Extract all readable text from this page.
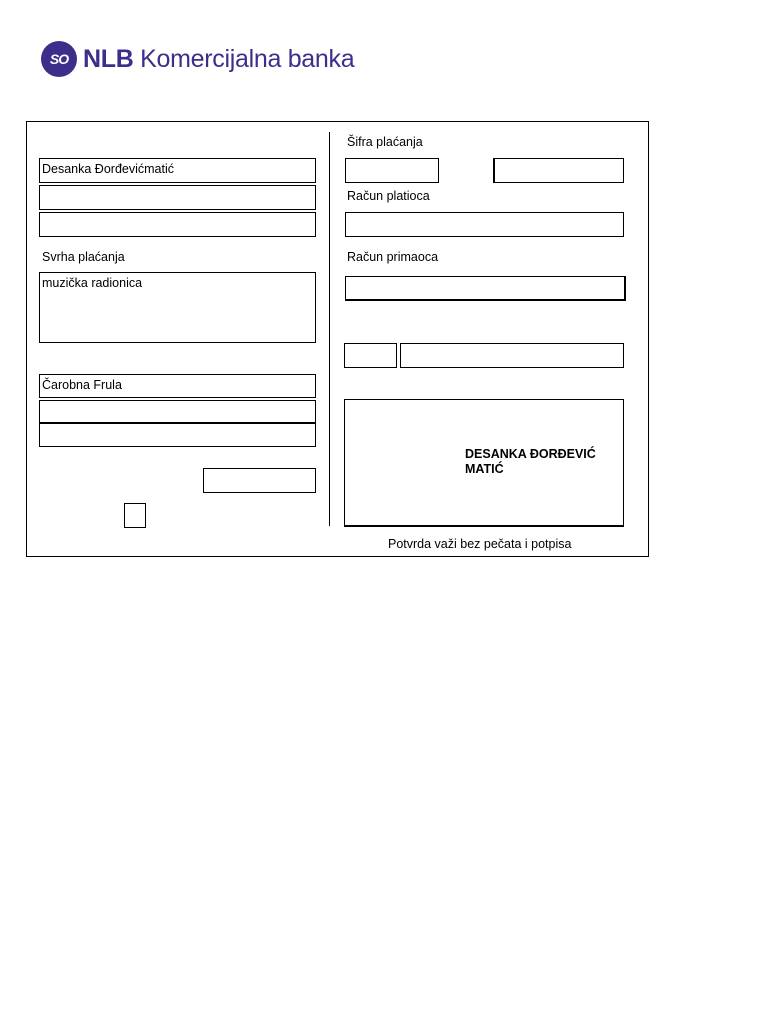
SO NLB Komercijalna banka
Desanka Đorđevićmatić
Svrha plaćanja
muzička radionica
Čarobna Frula
Šifra plaćanja
Račun platioca
Račun primaoca
DESANKA ĐORĐEVIĆ
MATIĆ
Potvrda važi bez pečata i potpisa
